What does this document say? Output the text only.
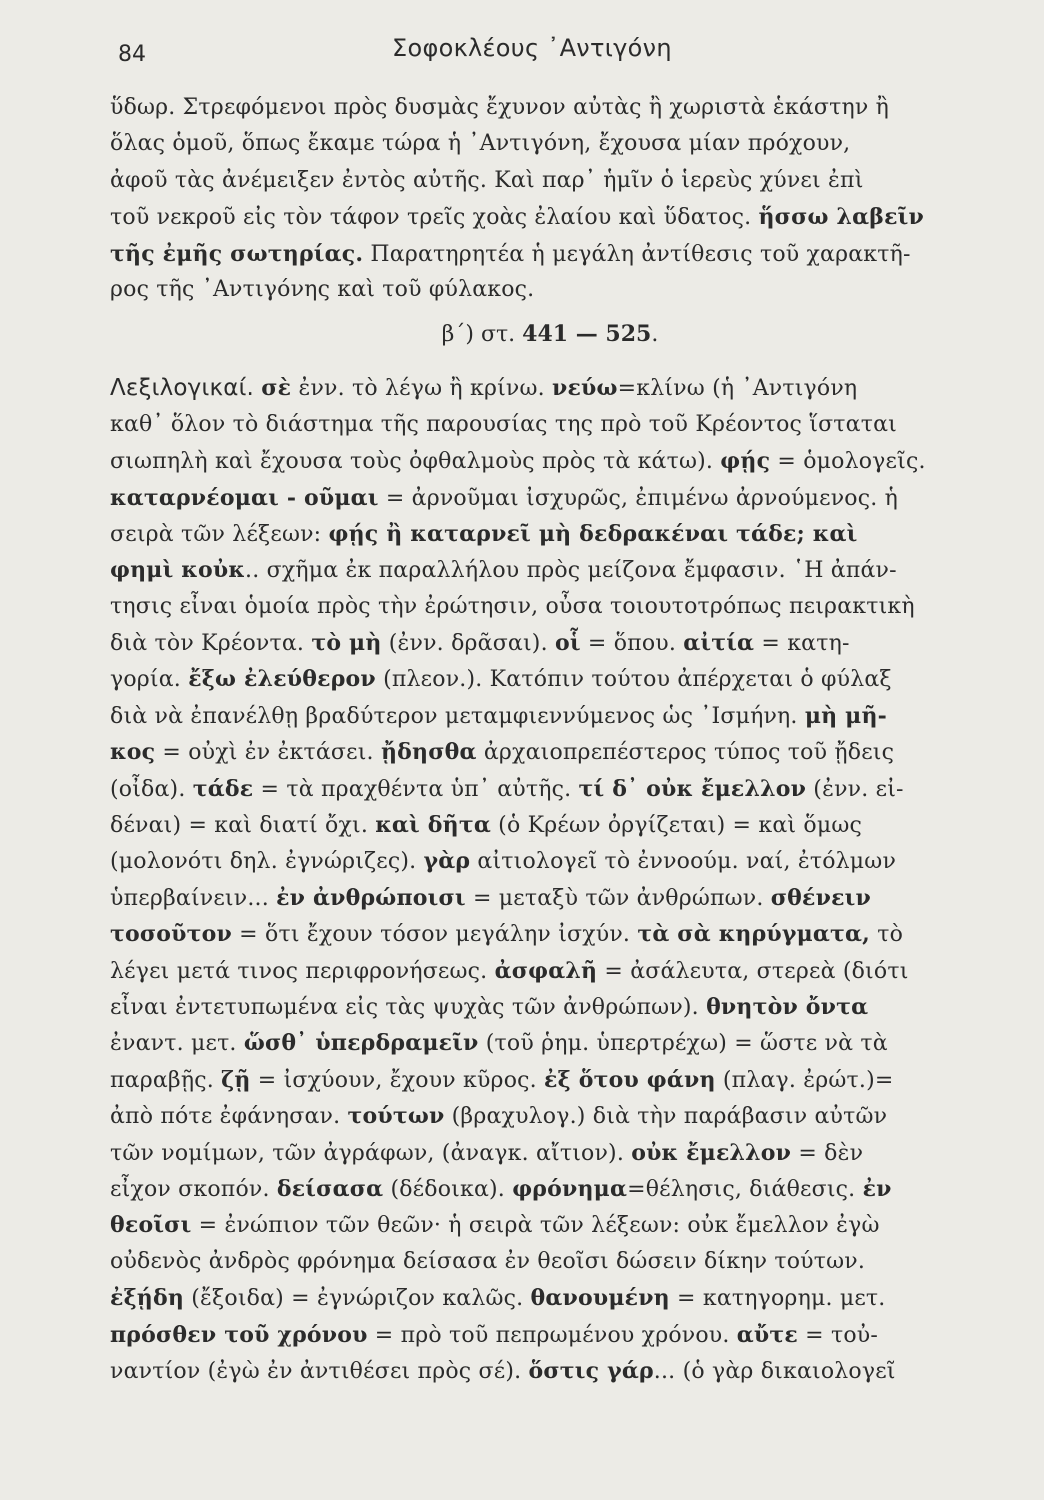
84	Σοφοκλέους ᾿Αντιγόνη
ὕδωρ. Στρεφόμενοι πρὸς δυσμὰς ἔχυνον αὐτὰς ἢ χωριστὰ ἑκάστην ἢ
ὅλας ὁμοῦ, ὅπως ἔκαμε τώρα ἡ ᾿Αντιγόνη, ἔχουσα μίαν πρόχουν,
ἀφοῦ τὰς ἀνέμειξεν ἐντὸς αὐτῆς. Καὶ παρ᾿ ἡμῖν ὁ ἱερεὺς χύνει ἐπὶ
τοῦ νεκροῦ εἰς τὸν τάφον τρεῖς χοὰς ἐλαίου καὶ ὕδατος. ἥσσω λαβεῖν
τῆς ἐμῆς σωτηρίας. Παρατηρητέα ἡ μεγάλη ἀντίθεσις τοῦ χαρακτῆ-
ρος τῆς ᾿Αντιγόνης καὶ τοῦ φύλακος.
β΄) στ. 441 — 525.
Λεξιλογικαί. σὲ ἐνν. τὸ λέγω ἢ κρίνω. νεύω=κλίνω (ἡ ᾿Αντιγόνη
καθ᾿ ὅλον τὸ διάστημα τῆς παρουσίας της πρὸ τοῦ Κρέοντος ἵσταται
σιωπηλὴ καὶ ἔχουσα τοὺς ὀφθαλμοὺς πρὸς τὰ κάτω). φῄς = ὁμολογεῖς.
καταρνέομαι - οῦμαι = ἀρνοῦμαι ἰσχυρῶς, ἐπιμένω ἀρνούμενος. ἡ
σειρὰ τῶν λέξεων: φῄς ἢ καταρνεῖ μὴ δεδρακέναι τάδε; καὶ
φημὶ κοὐκ.. σχῆμα ἐκ παραλλήλου πρὸς μείζονα ἔμφασιν. ῾Η ἀπάν-
τησις εἶναι ὁμοία πρὸς τὴν ἐρώτησιν, οὖσα τοιουτοτρόπως πειρακτικὴ
διὰ τὸν Κρέοντα. τὸ μὴ (ἐνν. δρᾶσαι). οἷ = ὅπου. αἰτία = κατη-
γορία. ἔξω ἐλεύθερον (πλεον.). Κατόπιν τούτου ἀπέρχεται ὁ φύλαξ
διὰ νὰ ἐπανέλθῃ βραδύτερον μεταμφιεννύμενος ὡς ᾿Ισμήνη. μὴ μῆ-
κος = οὐχὶ ἐν ἐκτάσει. ᾔδησθα ἀρχαιοπρεπέστερος τύπος τοῦ ᾔδεις
(οἶδα). τάδε = τὰ πραχθέντα ὑπ᾿ αὐτῆς. τί δ᾿ οὐκ ἔμελλον (ἐνν. εἰ-
δέναι) = καὶ διατί ὄχι. καὶ δῆτα (ὁ Κρέων ὀργίζεται) = καὶ ὅμως
(μολονότι δηλ. ἐγνώριζες). γὰρ αἰτιολογεῖ τὸ ἐννοούμ. ναί, ἐτόλμων
ὑπερβαίνειν... ἐν ἀνθρώποισι = μεταξὺ τῶν ἀνθρώπων. σθένειν
τοσοῦτον = ὅτι ἔχουν τόσον μεγάλην ἰσχύν. τὰ σὰ κηρύγματα, τὸ
λέγει μετά τινος περιφρονήσεως. ἀσφαλῆ = ἀσάλευτα, στερεὰ (διότι
εἶναι ἐντετυπωμένα εἰς τὰς ψυχὰς τῶν ἀνθρώπων). θνητὸν ὄντα
ἐναντ. μετ. ὥσθ᾿ ὑπερδραμεῖν (τοῦ ῥημ. ὑπερτρέχω) = ὥστε νὰ τὰ
παραβῇς. ζῇ = ἰσχύουν, ἔχουν κῦρος. ἐξ ὅτου φάνη (πλαγ. ἐρώτ.)=
ἀπὸ πότε ἐφάνησαν. τούτων (βραχυλογ.) διὰ τὴν παράβασιν αὐτῶν
τῶν νομίμων, τῶν ἀγράφων, (ἀναγκ. αἴτιον). οὐκ ἔμελλον = δὲν
εἶχον σκοπόν. δείσασα (δέδοικα). φρόνημα=θέλησις, διάθεσις. ἐν
θεοῖσι = ἐνώπιον τῶν θεῶν· ἡ σειρὰ τῶν λέξεων: οὐκ ἔμελλον ἐγὼ
οὐδενὸς ἀνδρὸς φρόνημα δείσασα ἐν θεοῖσι δώσειν δίκην τούτων.
ἐξῄδη (ἔξοιδα) = ἐγνώριζον καλῶς. θανουμένη = κατηγορημ. μετ.
πρόσθεν τοῦ χρόνου = πρὸ τοῦ πεπρωμένου χρόνου. αὔτε = τοὐ-
ναντίον (ἐγὼ ἐν ἀντιθέσει πρὸς σέ). ὅστις γάρ... (ὁ γὰρ δικαιολογεῖ
